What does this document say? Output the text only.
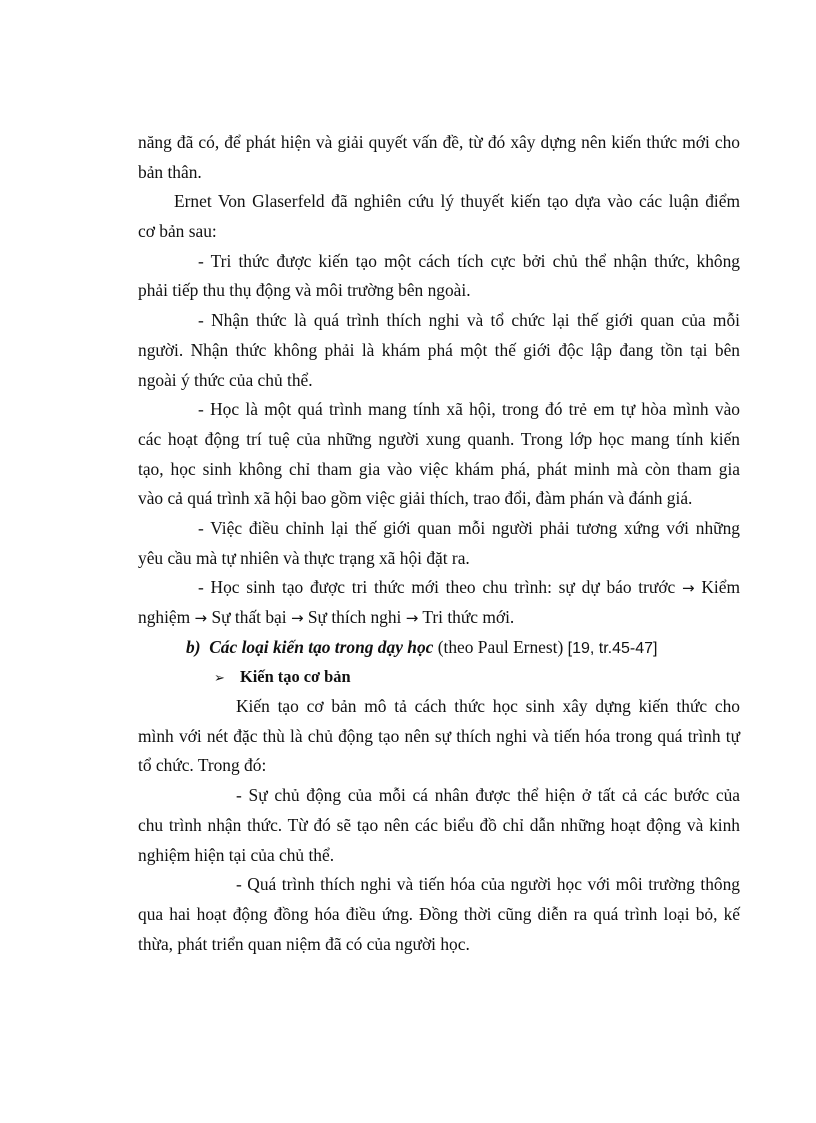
năng đã có, để phát hiện và giải quyết vấn đề, từ đó xây dựng nên kiến thức mới cho
bản thân.
Ernet Von Glaserfeld đã nghiên cứu lý thuyết kiến tạo dựa vào các luận điểm
cơ bản sau:
- Tri thức được kiến tạo một cách tích cực bởi chủ thể nhận thức, không
phải tiếp thu thụ động và môi trường bên ngoài.
- Nhận thức là quá trình thích nghi và tổ chức lại thế giới quan của mỗi
người. Nhận thức không phải là khám phá một thế giới độc lập đang tồn tại bên
ngoài ý thức của chủ thể.
- Học là một quá trình mang tính xã hội, trong đó trẻ em tự hòa mình vào
các hoạt động trí tuệ của những người xung quanh. Trong lớp học mang tính kiến
tạo, học sinh không chỉ tham gia vào việc khám phá, phát minh mà còn tham gia
vào cả quá trình xã hội bao gồm việc giải thích, trao đổi, đàm phán và đánh giá.
- Việc điều chỉnh lại thế giới quan mỗi người phải tương xứng với những
yêu cầu mà tự nhiên và thực trạng xã hội đặt ra.
- Học sinh tạo được tri thức mới theo chu trình: sự dự báo trước → Kiểm
nghiệm → Sự thất bại → Sự thích nghi → Tri thức mới.
b) Các loại kiến tạo trong dạy học (theo Paul Ernest) [19, tr.45-47]
➢ Kiến tạo cơ bản
Kiến tạo cơ bản mô tả cách thức học sinh xây dựng kiến thức cho
mình với nét đặc thù là chủ động tạo nên sự thích nghi và tiến hóa trong quá trình tự
tổ chức. Trong đó:
- Sự chủ động của mỗi cá nhân được thể hiện ở tất cả các bước của
chu trình nhận thức. Từ đó sẽ tạo nên các biểu đồ chỉ dẫn những hoạt động và kinh
nghiệm hiện tại của chủ thể.
- Quá trình thích nghi và tiến hóa của người học với môi trường thông
qua hai hoạt động đồng hóa điều ứng. Đồng thời cũng diễn ra quá trình loại bỏ, kế
thừa, phát triển quan niệm đã có của người học.
